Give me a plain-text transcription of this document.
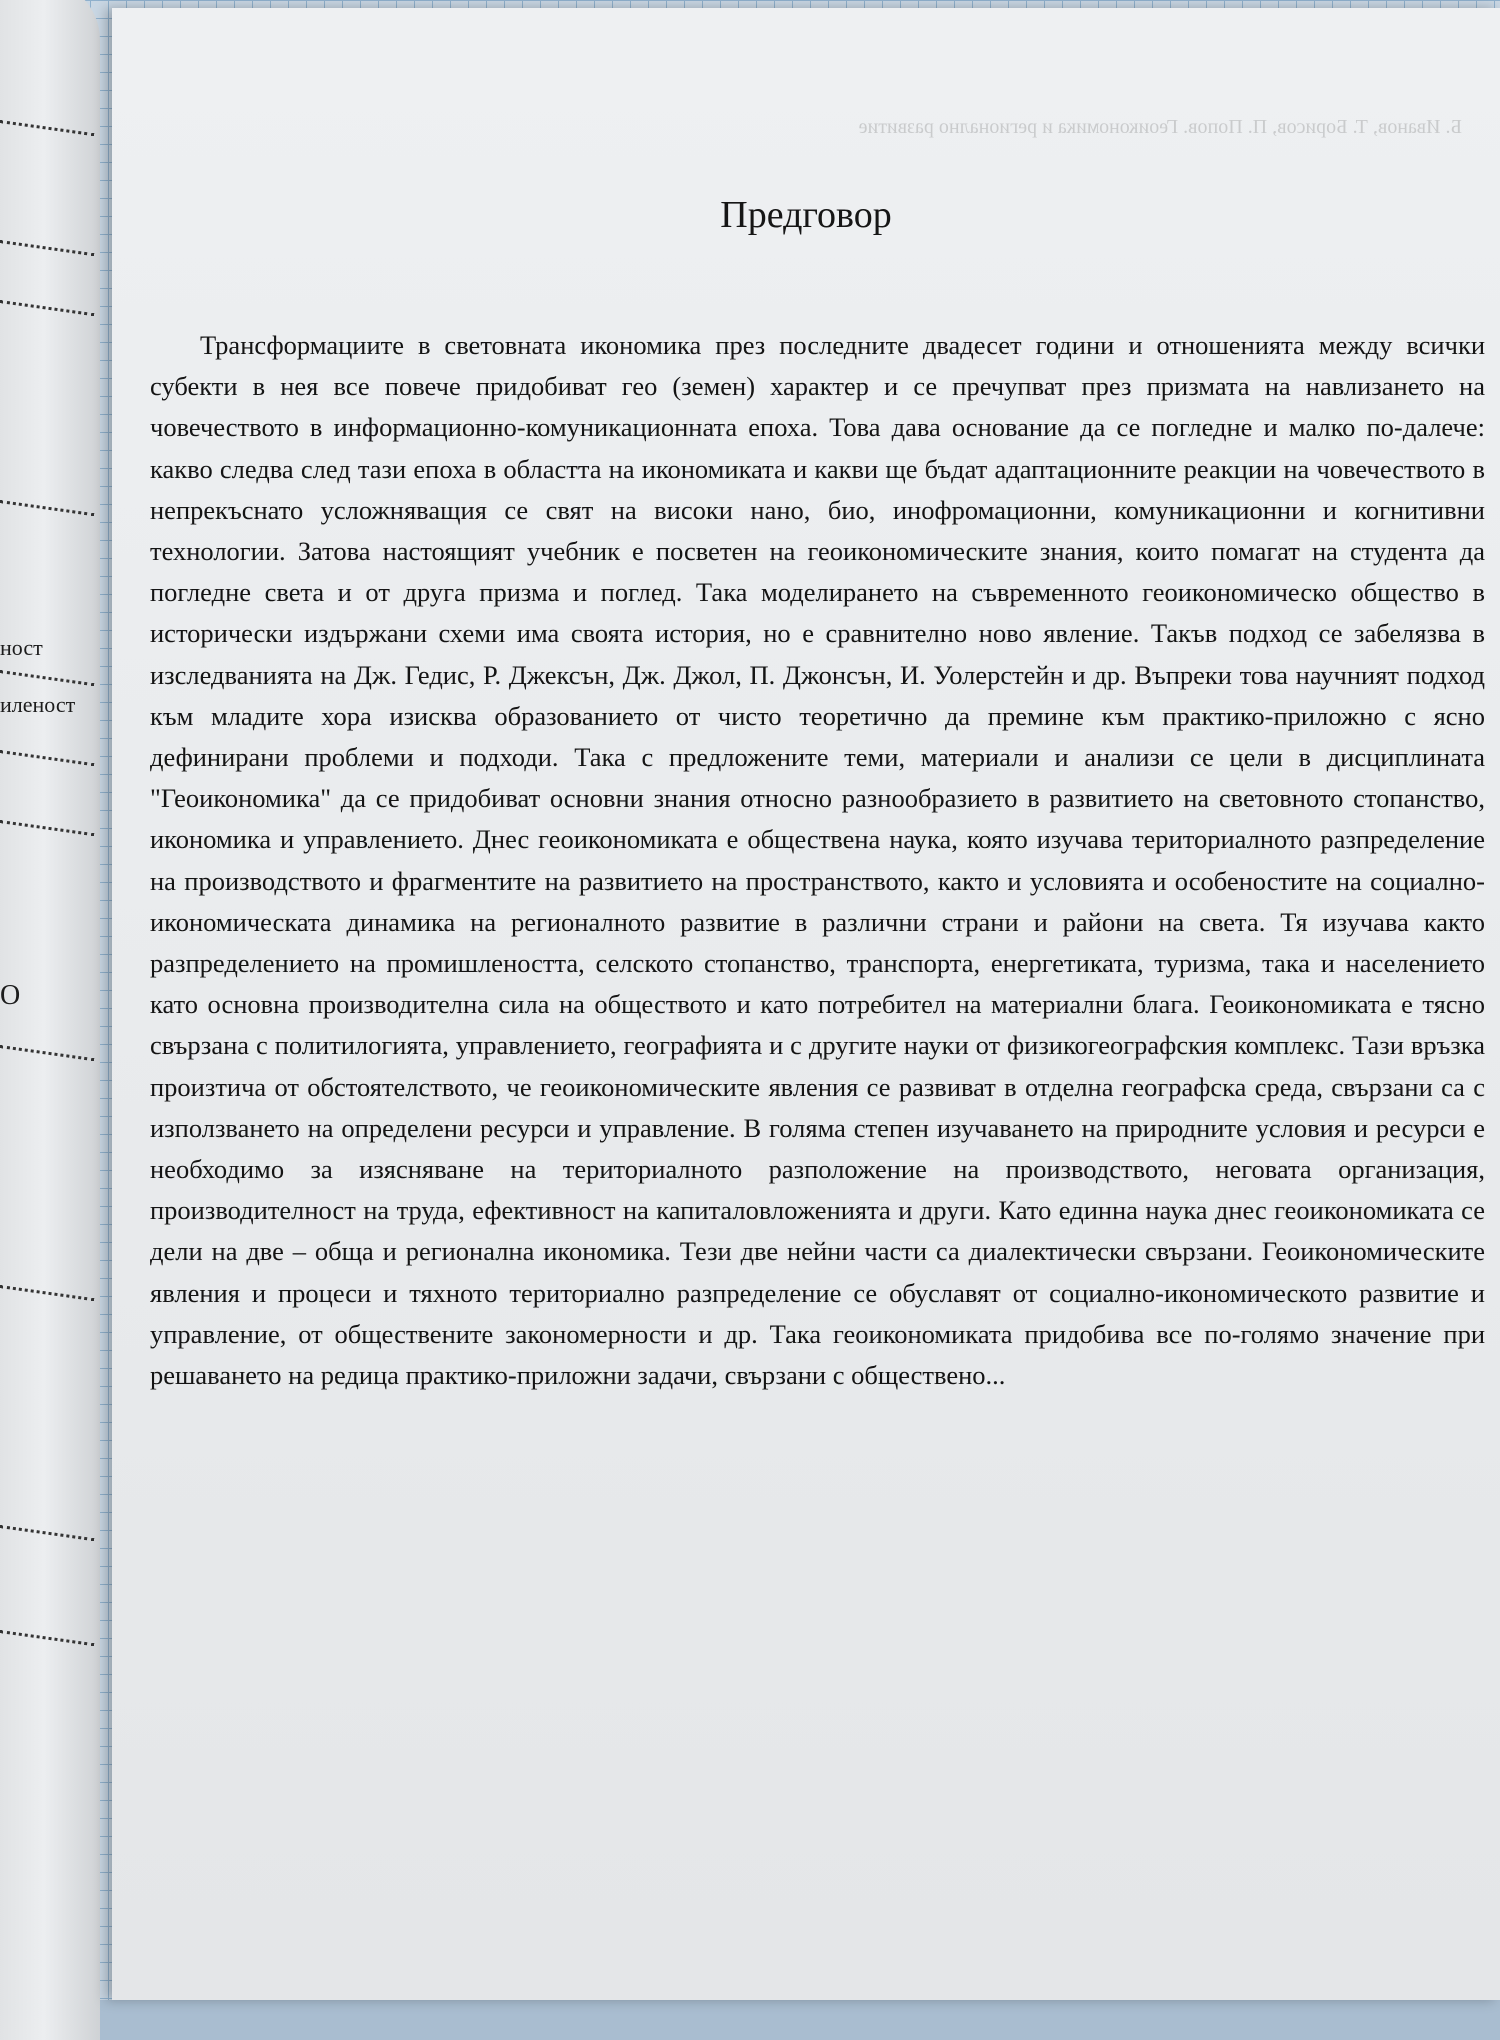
ност
иленост
O
Б. Иванов, Т. Борисов, П. Попов. Геоикономика и регионално развитие
Предговор

Трансформациите в световната икономика през последните двадесет години и отношенията между всички субекти в нея все повече придобиват гео (земен) характер и се пречупват през призмата на навлизането на човечеството в информационно-комуникационната епоха. Това дава основание да се погледне и малко по-далече: какво следва след тази епоха в областта на икономиката и какви ще бъдат адаптационните реакции на човечеството в непрекъснато усложняващия се свят на високи нано, био, инофромационни, комуникационни и когнитивни технологии. Затова настоящият учебник е посветен на геоикономическите знания, които помагат на студента да погледне света и от друга призма и поглед. Така моделирането на съвременното геоикономическо общество в исторически издържани схеми има своята история, но е сравнително ново явление. Такъв подход се забелязва в изследванията на Дж. Гедис, Р. Джексън, Дж. Джол, П. Джонсън, И. Уолерстейн и др. Въпреки това научният подход към младите хора изисква образованието от чисто теоретично да премине към практико-приложно с ясно дефинирани проблеми и подходи. Така с предложените теми, материали и анализи се цели в дисциплината "Геоикономика" да се придобиват основни знания относно разнообразието в развитието на световното стопанство, икономика и управлението. Днес геоикономиката е обществена наука, която изучава териториалното разпределение на производството и фрагментите на развитието на пространството, както и условията и особеностите на социално-икономическата динамика на регионалното развитие в различни страни и райони на света. Тя изучава както разпределението на промишлеността, селското стопанство, транспорта, енергетиката, туризма, така и населението като основна производителна сила на обществото и като потребител на материални блага. Геоикономиката е тясно свързана с политилогията, управлението, географията и с другите науки от физикогеографския комплекс. Тази връзка произтича от обстоятелството, че геоикономическите явления се развиват в отделна географска среда, свързани са с използването на определени ресурси и управление. В голяма степен изучаването на природните условия и ресурси е необходимо за изясняване на териториалното разположение на производството, неговата организация, производителност на труда, ефективност на капиталовложенията и други. Като единна наука днес геоикономиката се дели на две – обща и регионална икономика. Тези две нейни части са диалектически свързани. Геоикономическите явления и процеси и тяхното териториално разпределение се обуславят от социално-икономическото развитие и управление, от обществените закономерности и др. Така геоикономиката придобива все по-голямо значение при решаването на редица практико-приложни задачи, свързани с обществено...
